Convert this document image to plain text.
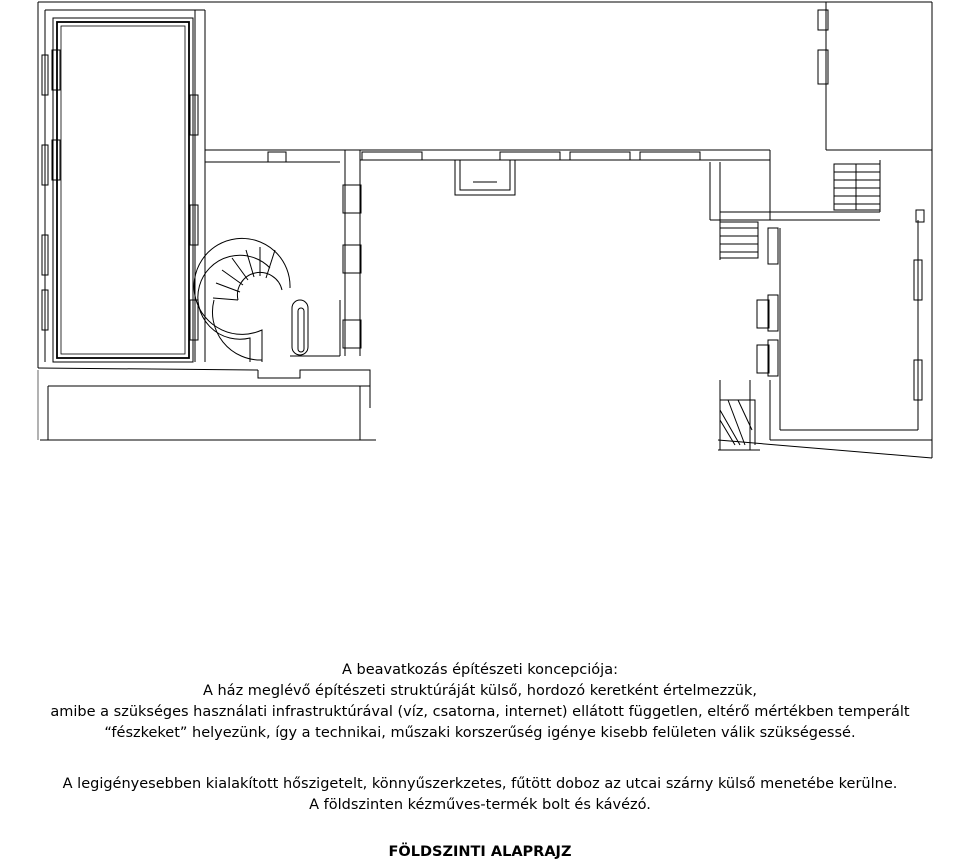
A beavatkozás építészeti koncepciója:
A ház meglévő építészeti struktúráját külső, hordozó keretként értelmezzük,
amibe a szükséges használati infrastruktúrával (víz, csatorna, internet) ellátott független, eltérő mértékben temperált
“fészkeket” helyezünk, így a technikai, műszaki korszerűség igénye kisebb felületen válik szükségessé.
A legigényesebben kialakított hőszigetelt, könnyűszerkzetes, fűtött doboz az utcai szárny külső menetébe kerülne.
A földszinten kézműves-termék bolt és kávézó.
FÖLDSZINTI ALAPRAJZ
